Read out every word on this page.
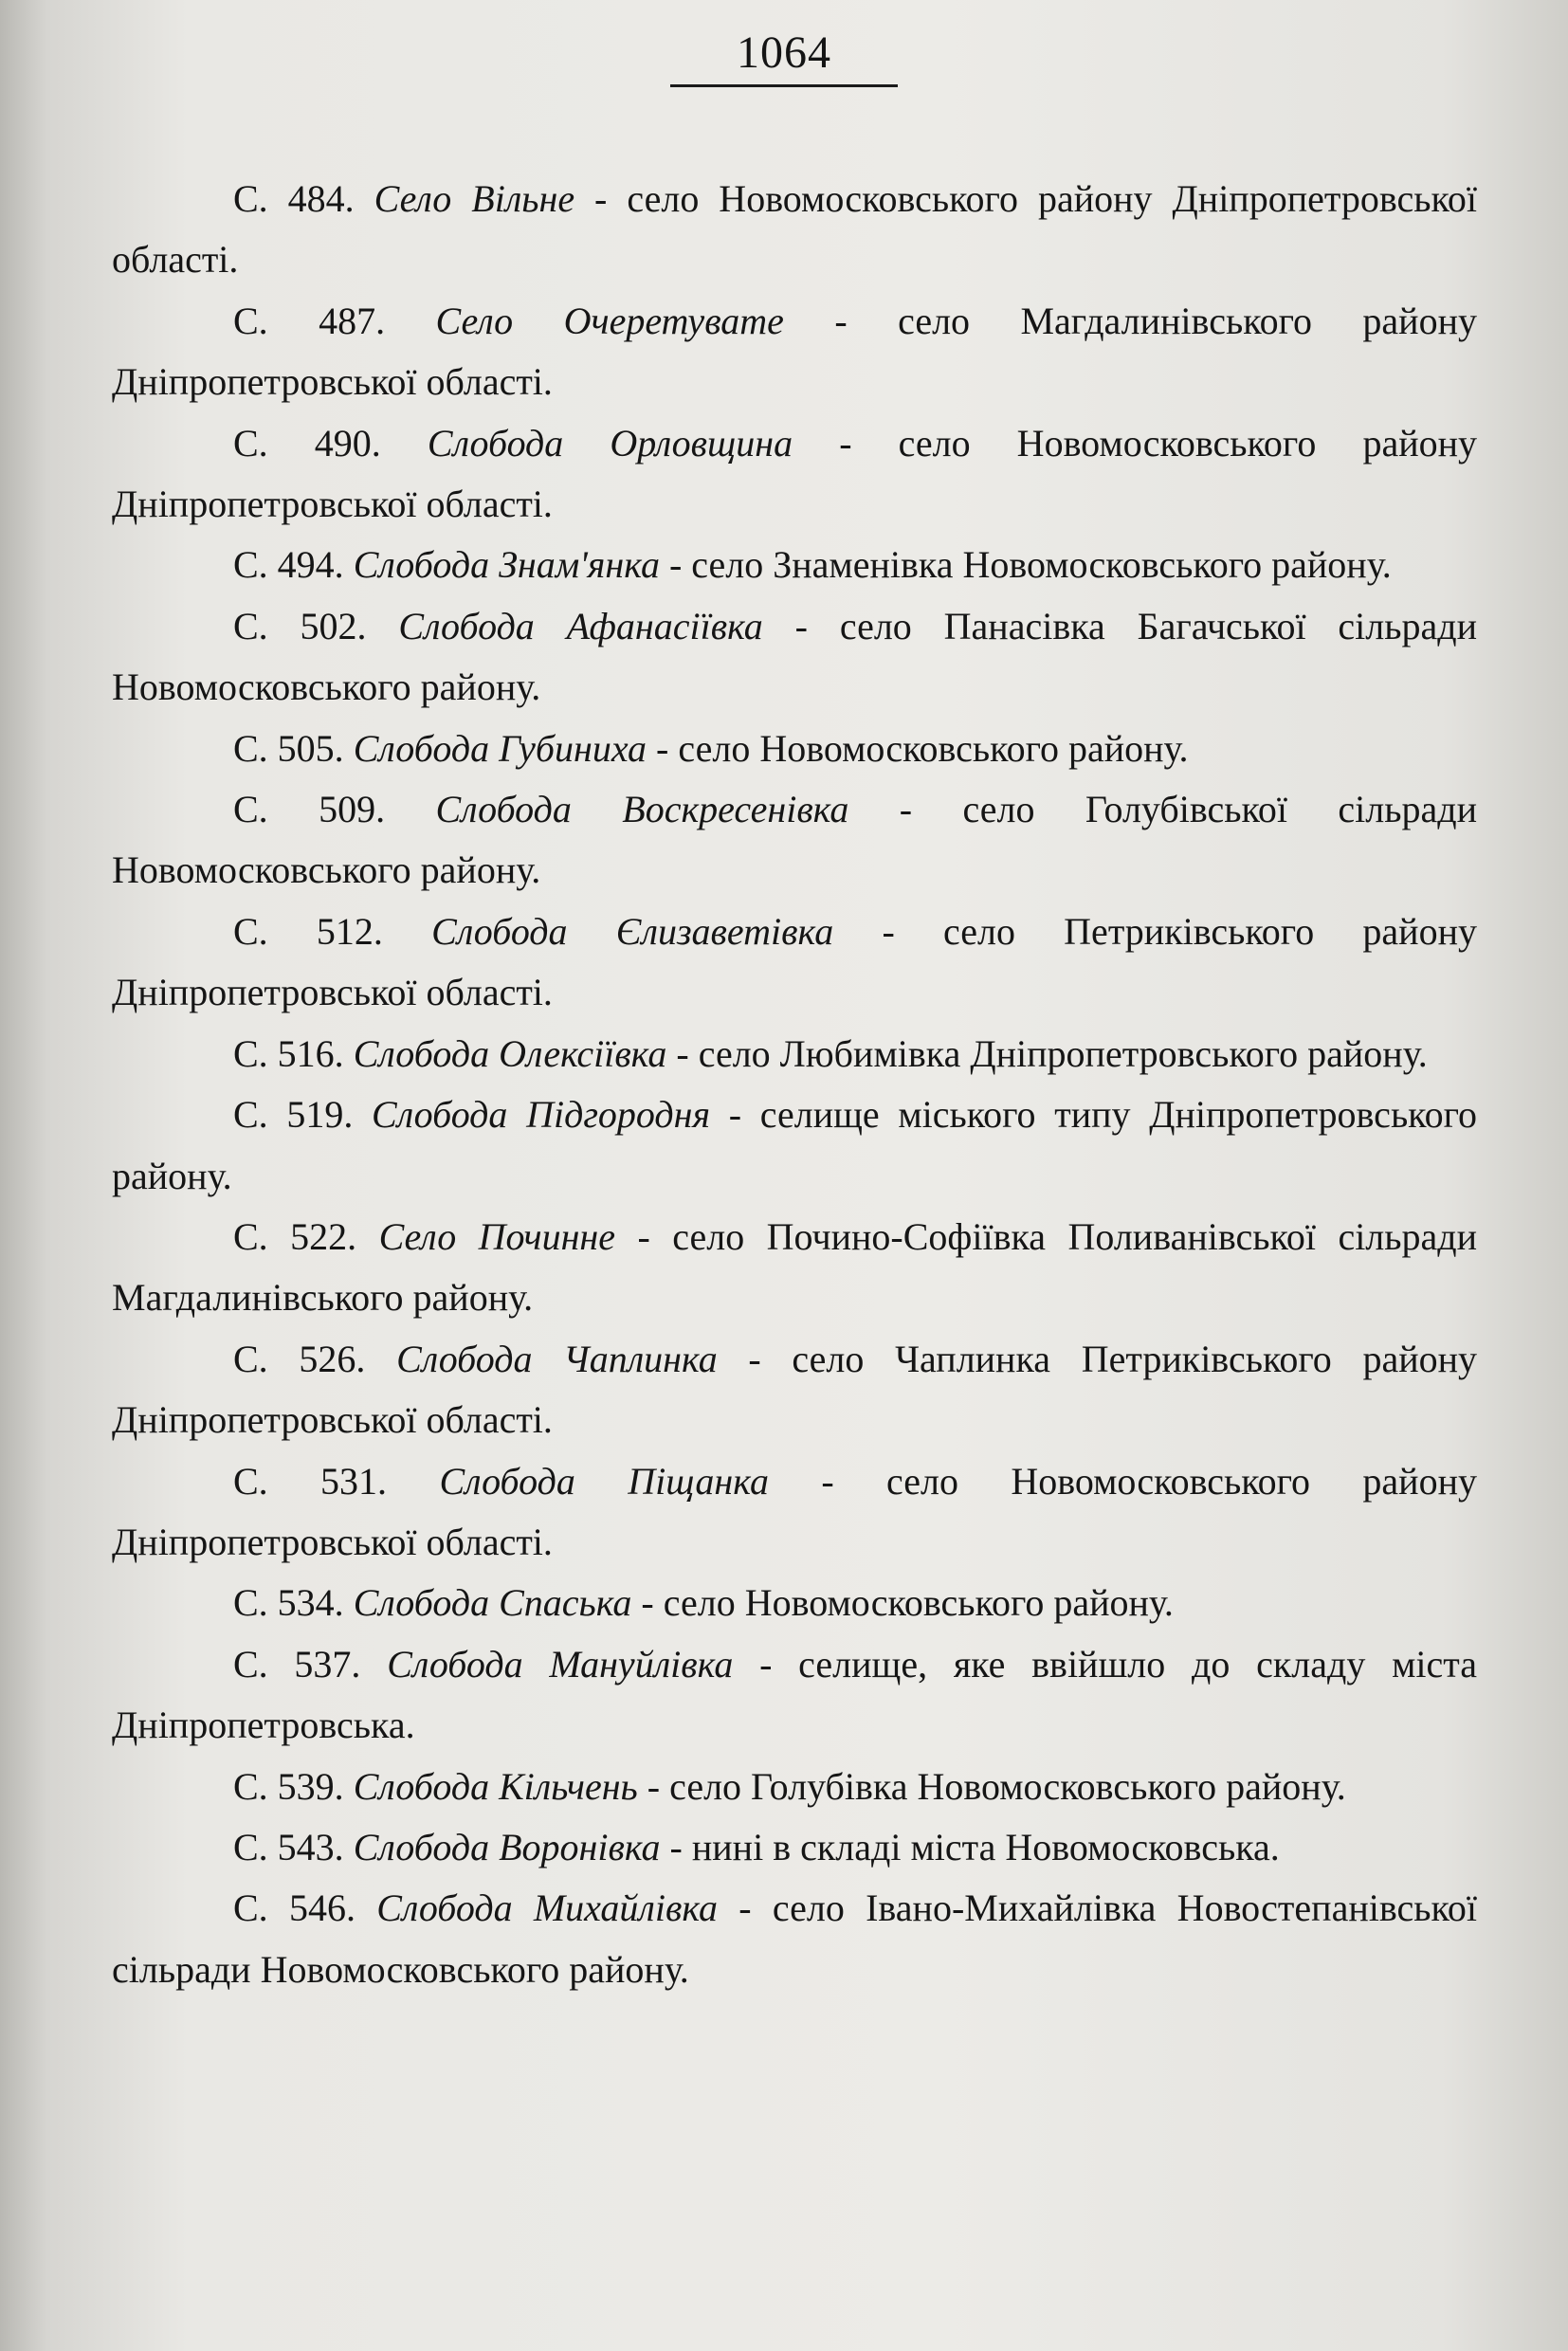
1064

С. 484. Село Вільне - село Новомосковського району Дніпропетровської області.

С. 487. Село Очеретувате - село Магдалинівського району Дніпропетровської області.

С. 490. Слобода Орловщина - село Новомосковського району Дніпропетровської області.

С. 494. Слобода Знам'янка - село Знаменівка Новомосковського району.

С. 502. Слобода Афанасіївка - село Панасівка Багачської сільради Новомосковського району.

С. 505. Слобода Губиниха - село Новомосковського району.

С. 509. Слобода Воскресенівка - село Голубівської сільради Новомосковського району.

С. 512. Слобода Єлизаветівка - село Петриківського району Дніпропетровської області.

С. 516. Слобода Олексіївка - село Любимівка Дніпропетровського району.

С. 519. Слобода Підгородня - селище міського типу Дніпропетровського району.

С. 522. Село Починне - село Почино-Софіївка Поливанівської сільради Магдалинівського району.

С. 526. Слобода Чаплинка - село Чаплинка Петриківського району Дніпропетровської області.

С. 531. Слобода Піщанка - село Новомосковського району Дніпропетровської області.

С. 534. Слобода Спаська - село Новомосковського району.

С. 537. Слобода Мануйлівка - селище, яке ввійшло до складу міста Дніпропетровська.

С. 539. Слобода Кільчень - село Голубівка Новомосковського району.

С. 543. Слобода Воронівка - нині в складі міста Новомосковська.

С. 546. Слобода Михайлівка - село Івано-Михайлівка Новостепанівської сільради Новомосковського району.
